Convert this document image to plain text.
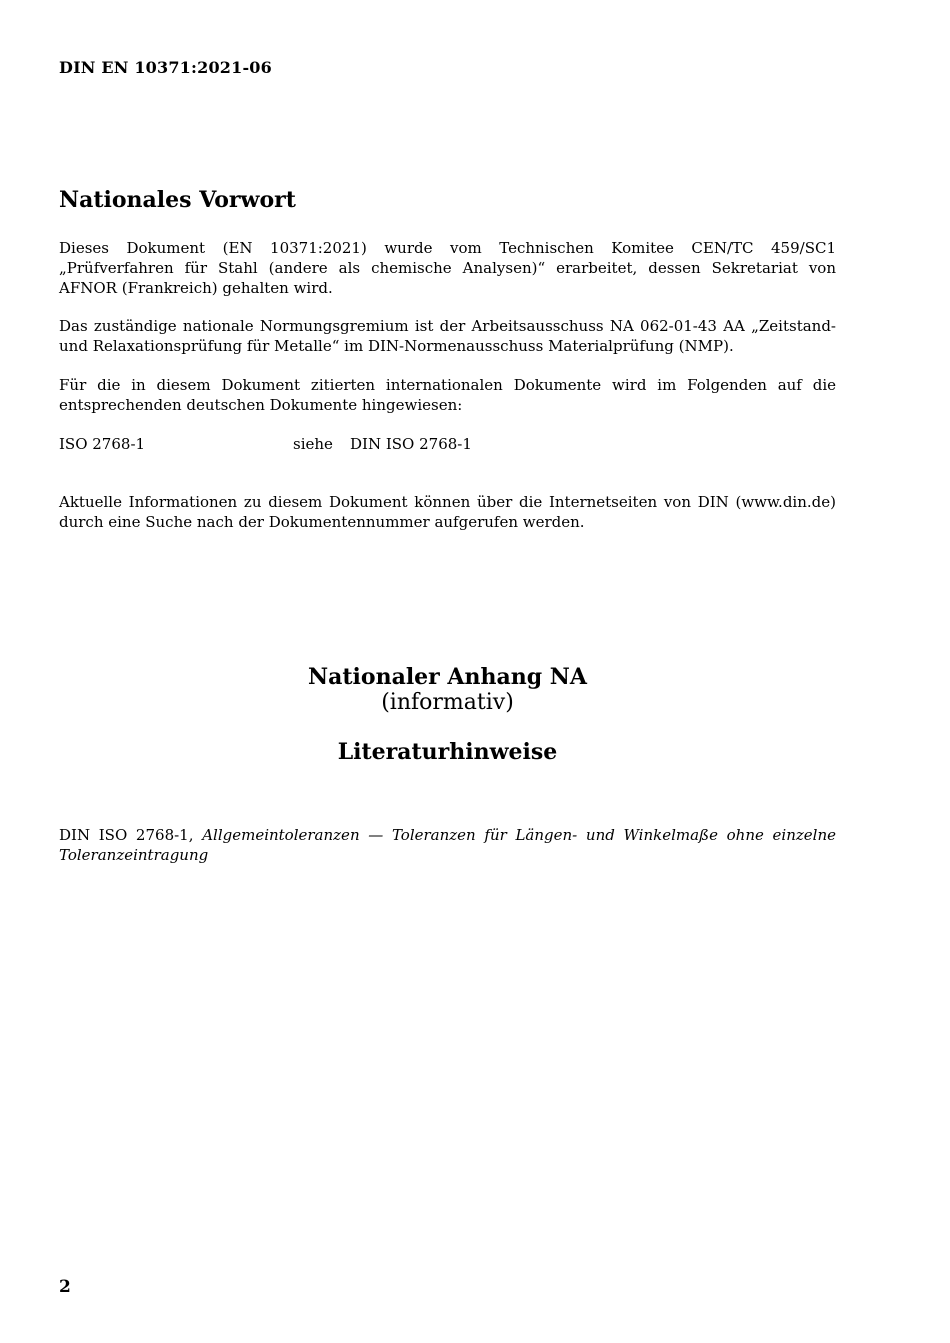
DIN EN 10371:2021-06
Nationales Vorwort

Dieses Dokument (EN 10371:2021) wurde vom Technischen Komitee CEN/TC 459/SC1 „Prüfverfahren für Stahl (andere als chemische Analysen)“ erarbeitet, dessen Sekretariat von AFNOR (Frankreich) gehalten wird.

Das zuständige nationale Normungsgremium ist der Arbeitsausschuss NA 062-01-43 AA „Zeitstand- und Relaxationsprüfung für Metalle“ im DIN-Normenausschuss Materialprüfung (NMP).

Für die in diesem Dokument zitierten internationalen Dokumente wird im Folgenden auf die entsprechenden deutschen Dokumente hingewiesen:

ISO 2768-1	siehe DIN ISO 2768-1

Aktuelle Informationen zu diesem Dokument können über die Internetseiten von DIN (www.din.de) durch eine Suche nach der Dokumentennummer aufgerufen werden.

Nationaler Anhang NA
(informativ)
Literaturhinweise

DIN ISO 2768-1, Allgemeintoleranzen — Toleranzen für Längen- und Winkelmaße ohne einzelne Toleranzeintragung

2
